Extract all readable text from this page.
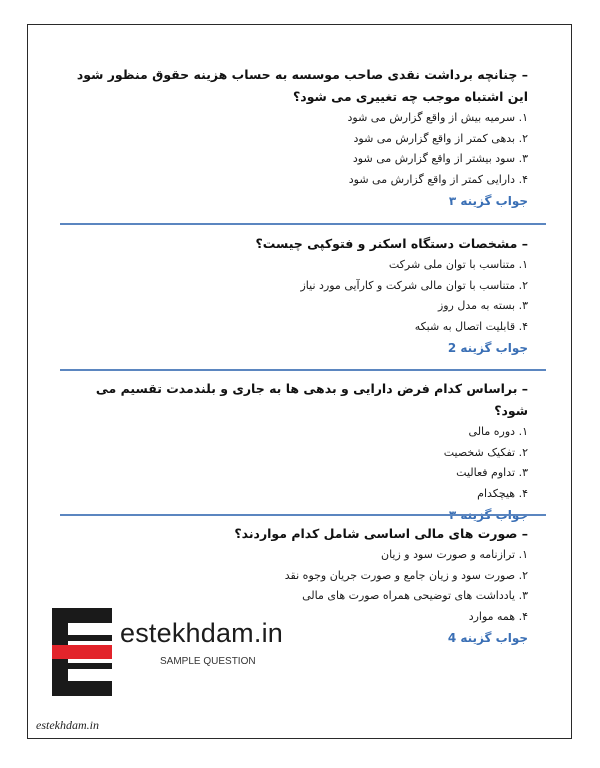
– چنانچه برداشت نقدی صاحب موسسه به حساب هزینه حقوق منظور شود این اشتباه موجب چه تغییری می شود؟

۱. سرمیه بیش از واقع گزارش می شود
۲. بدهی کمتر از واقع گزارش می شود
۳. سود بیشتر از واقع گزارش می شود
۴. دارایی کمتر از واقع گزارش می شود
جواب گزینه ۳

– مشخصات دستگاه اسکنر و فتوکپی چیست؟

۱. متناسب با توان ملی شرکت
۲. متناسب با توان مالی شرکت و کارآیی مورد نیاز
۳. بسته به مدل روز
۴. قابلیت اتصال به شبکه
جواب گزینه 2

– براساس کدام فرض دارایی و بدهی ها به جاری و بلندمدت تقسیم می شود؟

۱. دوره مالی
۲. تفکیک شخصیت
۳. تداوم فعالیت
۴. هیچکدام

– صورت های مالی اساسی شامل کدام مواردند؟

۱. ترازنامه و صورت سود و زیان
۲. صورت سود و زیان جامع و صورت جریان وجوه نقد
۳. یادداشت های توضیحی همراه صورت های مالی
۴. همه موارد
جواب گزینه 4
estekhdam.in
SAMPLE QUESTION
estekhdam.in
